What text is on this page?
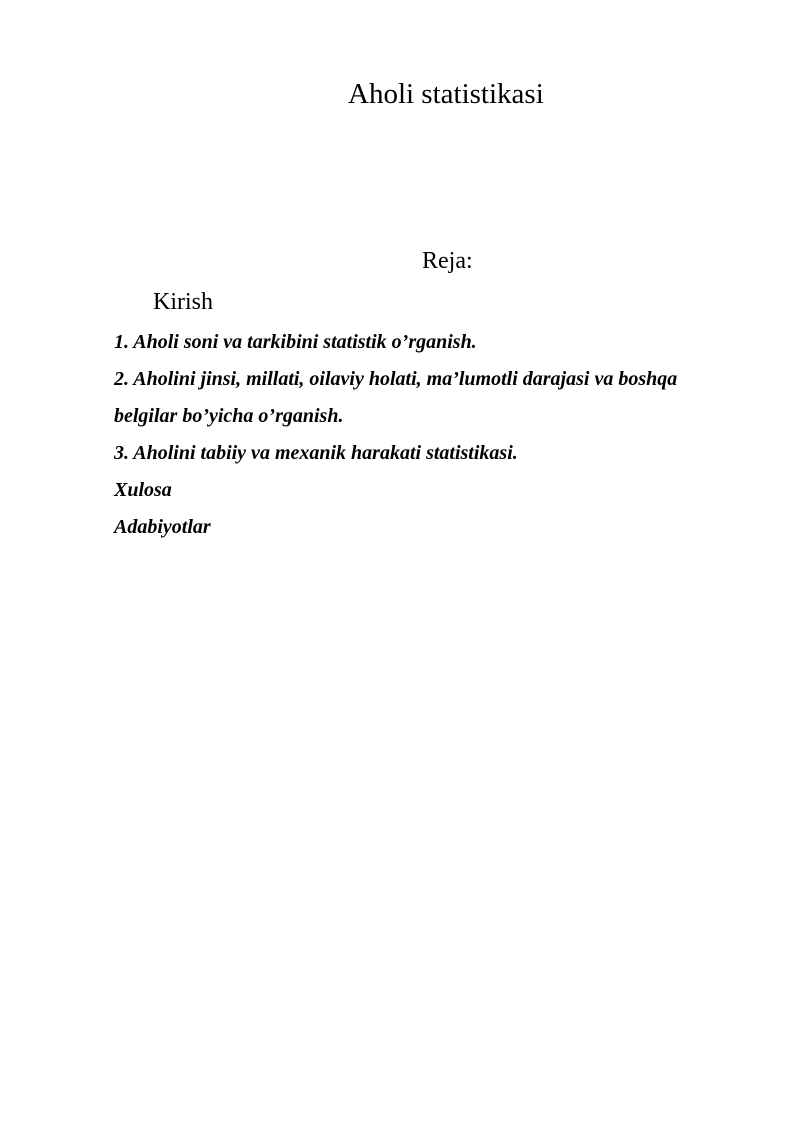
Aholi statistikasi
Reja:
Kirish
1. Aholi soni va tarkibini statistik o’rganish.
2. Aholini jinsi, millati, oilaviy holati, ma’lumotli darajasi va boshqa
belgilar bo’yicha o’rganish.
3. Aholini tabiiy va mexanik harakati statistikasi.
Xulosa
Adabiyotlar
